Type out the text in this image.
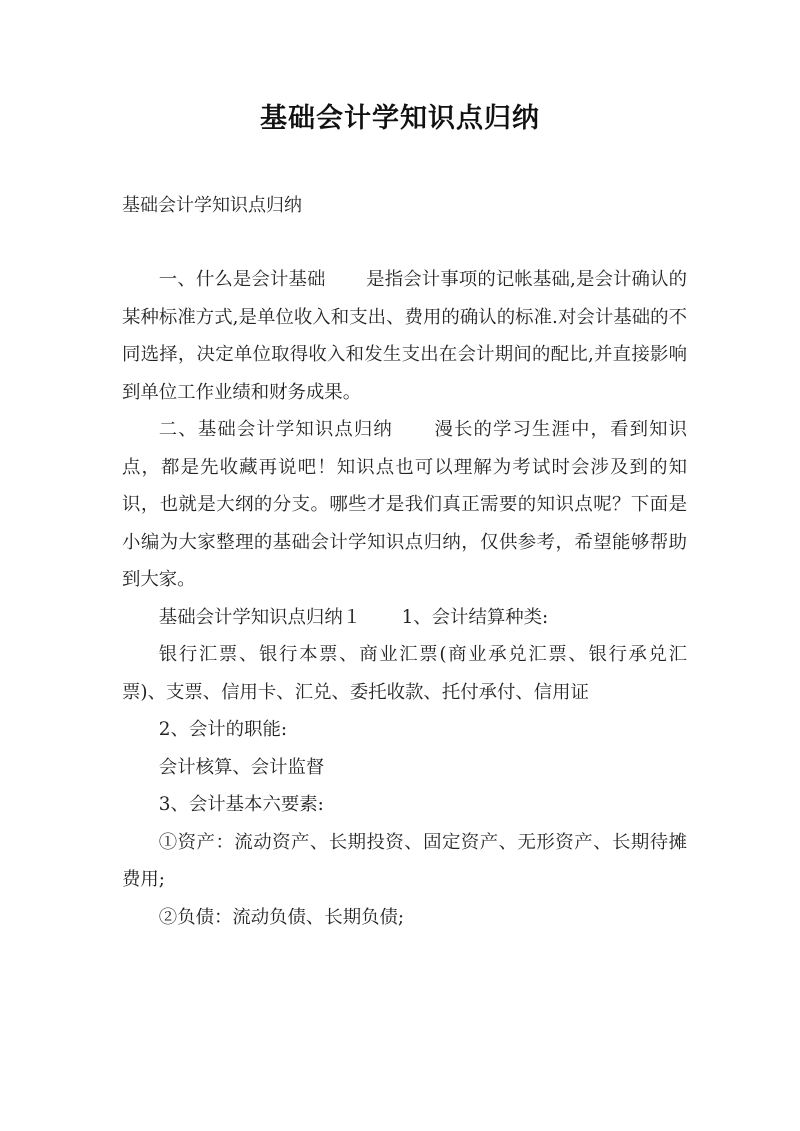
基础会计学知识点归纳
基础会计学知识点归纳

一、什么是会计基础 是指会计事项的记帐基础,是会计确认的某种标准方式,是单位收入和支出、费用的确认的标准.对会计基础的不同选择，决定单位取得收入和发生支出在会计期间的配比,并直接影响到单位工作业绩和财务成果。

二、基础会计学知识点归纳 漫长的学习生涯中，看到知识点，都是先收藏再说吧！知识点也可以理解为考试时会涉及到的知识，也就是大纲的分支。哪些才是我们真正需要的知识点呢？下面是小编为大家整理的基础会计学知识点归纳，仅供参考，希望能够帮助到大家。

基础会计学知识点归纳１ 1、会计结算种类:

银行汇票、银行本票、商业汇票(商业承兑汇票、银行承兑汇票)、支票、信用卡、汇兑、委托收款、托付承付、信用证

2、会计的职能:

会计核算、会计监督

3、会计基本六要素:

①资产：流动资产、长期投资、固定资产、无形资产、长期待摊费用;

②负债：流动负债、长期负债;
